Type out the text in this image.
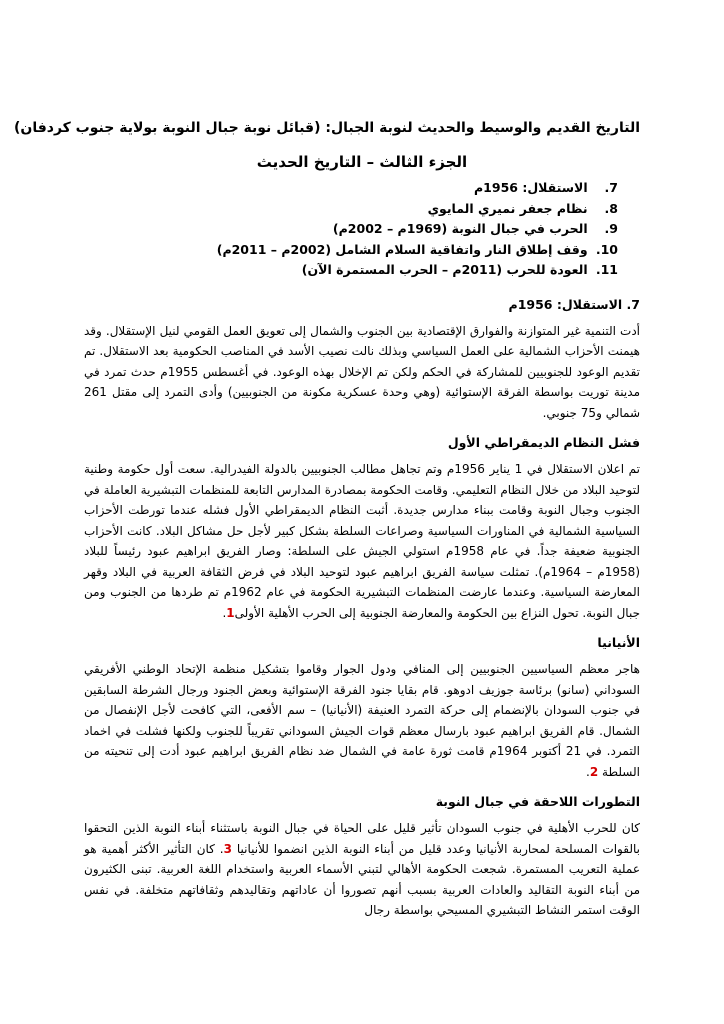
التاريخ القديم والوسيط والحديث لنوبة الجبال: (قبائل نوبة جبال النوبة بولاية جنوب كردفان)
الجزء الثالث – التاريخ الحديث
7. الاستقلال: 1956م
8. نظام جعفر نميري المايوي
9. الحرب في جبال النوبة (1969م – 2002م)
10. وقف إطلاق النار واتفاقية السلام الشامل (2002م – 2011م)
11. العودة للحرب (2011م – الحرب المستمرة الآن)
7. الاستقلال: 1956م

أدت التنمية غير المتوازنة والفوارق الإقتصادية بين الجنوب والشمال إلى تعويق العمل القومي لنيل الإستقلال. وقد هيمنت الأحزاب الشمالية على العمل السياسي وبذلك نالت نصيب الأسد في المناصب الحكومية بعد الاستقلال. تم تقديم الوعود للجنوبيين للمشاركة في الحكم ولكن تم الإخلال بهذه الوعود. في أغسطس 1955م حدث تمرد في مدينة توريت بواسطة الفرقة الإستوائية (وهي وحدة عسكرية مكونة من الجنوبيين) وأدى التمرد إلى مقتل 261 شمالي و75 جنوبي.

فشل النظام الديمقراطي الأول

تم اعلان الاستقلال في 1 يناير 1956م وتم تجاهل مطالب الجنوبيين بالدولة الفيدرالية. سعت أول حكومة وطنية لتوحيد البلاد من خلال النظام التعليمي. وقامت الحكومة بمصادرة المدارس التابعة للمنظمات التبشيرية العاملة في الجنوب وجبال النوبة وقامت ببناء مدارس جديدة. أثبت النظام الديمقراطي الأول فشله عندما تورطت الأحزاب السياسية الشمالية في المناورات السياسية وصراعات السلطة بشكل كبير لأجل حل مشاكل البلاد. كانت الأحزاب الجنوبية ضعيفة جداً. في عام 1958م استولي الجيش على السلطة: وصار الفريق ابراهيم عبود رئيساً للبلاد (1958م – 1964م). تمثلت سياسة الفريق ابراهيم عبود لتوحيد البلاد في فرض الثقافة العربية في البلاد وقهر المعارضة السياسية. وعندما عارضت المنظمات التبشيرية الحكومة في عام 1962م تم طردها من الجنوب ومن جبال النوبة. تحول النزاع بين الحكومة والمعارضة الجنوبية إلى الحرب الأهلية الأولى1.

الأنيانيا

هاجر معظم السياسيين الجنوبيين إلى المنافي ودول الجوار وقاموا بتشكيل منظمة الإتحاد الوطني الأفريقي السوداني (سانو) برئاسة جوزيف ادوهو. قام بقايا جنود الفرقة الإستوائية وبعض الجنود ورجال الشرطة السابقين في جنوب السودان بالإنضمام إلى حركة التمرد العنيفة (الأنيانيا) – سم الأفعى، التي كافحت لأجل الإنفصال من الشمال. قام الفريق ابراهيم عبود بارسال معظم قوات الجيش السوداني تقريباً للجنوب ولكنها فشلت في اخماد التمرد. في 21 أكتوبر 1964م قامت ثورة عامة في الشمال ضد نظام الفريق ابراهيم عبود أدت إلى تنحيته من السلطة 2.

التطورات اللاحقة في جبال النوبة

كان للحرب الأهلية في جنوب السودان تأثير قليل على الحياة في جبال النوبة باستثناء أبناء النوبة الذين التحقوا بالقوات المسلحة لمحاربة الأنيانيا وعدد قليل من أبناء النوبة الذين انضموا للأنيانيا 3. كان التأثير الأكثر أهمية هو عملية التعريب المستمرة. شجعت الحكومة الأهالي لتبني الأسماء العربية واستخدام اللغة العربية. تبنى الكثيرون من أبناء النوبة التقاليد والعادات العربية بسبب أنهم تصوروا أن عاداتهم وتقاليدهم وثقافاتهم متخلفة. في نفس الوقت استمر النشاط التبشيري المسيحي بواسطة رجال
